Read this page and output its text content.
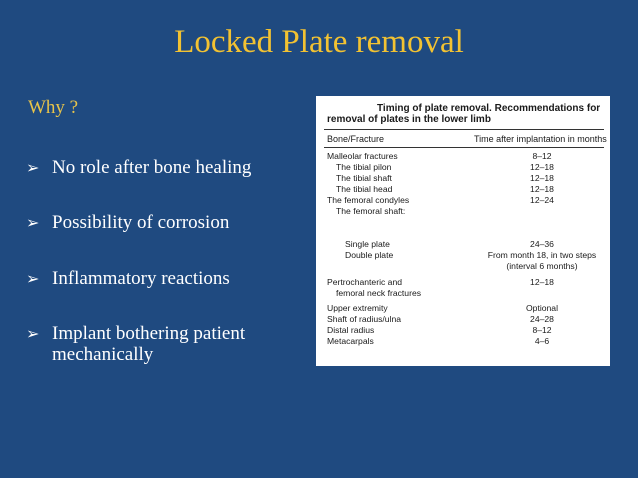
Locked Plate removal
Why ?
➢ No role after bone healing
➢ Possibility of corrosion
➢ Inflammatory reactions
➢ Implant bothering patient mechanically
Timing of plate removal. Recommendations for
removal of plates in the lower limb
Bone/Fracture	Time after implantation in months
Malleolar fractures	8–12
The tibial pilon	12–18
The tibial shaft	12–18
The tibial head	12–18
The femoral condyles	12–24
The femoral shaft:
Single plate	24–36
Double plate	From month 18, in two steps
(interval 6 months)
Pertrochanteric and	12–18
femoral neck fractures
Upper extremity	Optional
Shaft of radius/ulna	24–28
Distal radius	8–12
Metacarpals	4–6
